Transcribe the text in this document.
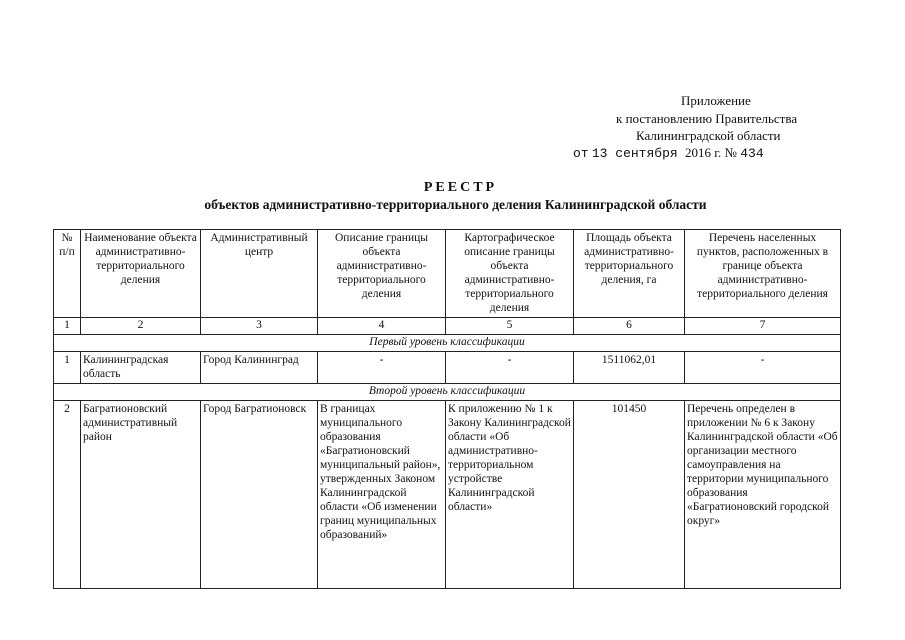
Приложение
к постановлению Правительства
Калининградской области
от 13 сентября 2016 г. № 434
РЕЕСТР
объектов административно-территориального деления Калининградской области
№ п/п	Наименование объекта административно-территориального деления	Административный центр	Описание границы объекта административно-территориального деления	Картографическое описание границы объекта административно-территориального деления	Площадь объекта административно-территориального деления, га	Перечень населенных пунктов, расположенных в границе объекта административно-территориального деления
1	2	3	4	5	6	7
Первый уровень классификации						
1	Калининградская область	Город Калининград	-	-	1511062,01	-
Второй уровень классификации						
2	Багратионовский административный район	Город Багратионовск	В границах муниципального образования «Багратионовский муниципальный район», утвержденных Законом Калининградской области «Об изменении границ муниципальных образований»	К приложению № 1 к Закону Калининградской области «Об административно-территориальном устройстве Калининградской области»	101450	Перечень определен в приложении № 6 к Закону Калининградской области «Об организации местного самоуправления на территории муниципального образования «Багратионовский городской округ»
